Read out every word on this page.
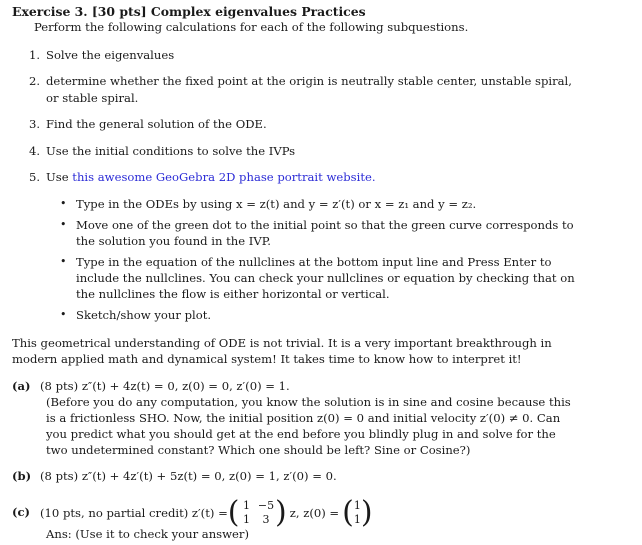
Exercise 3. [30 pts] Complex eigenvalues Practices
Perform the following calculations for each of the following subquestions.
1. Solve the eigenvalues
2. determine whether the fixed point at the origin is neutrally stable center, unstable spiral,
or stable spiral.
3. Find the general solution of the ODE.
4. Use the initial conditions to solve the IVPs
5. Use this awesome GeoGebra 2D phase portrait website.
• Type in the ODEs by using x = z(t) and y = z′(t) or x = z₁ and y = z₂.
• Move one of the green dot to the initial point so that the green curve corresponds to
the solution you found in the IVP.
• Type in the equation of the nullclines at the bottom input line and Press Enter to
include the nullclines. You can check your nullclines or equation by checking that on
the nullclines the flow is either horizontal or vertical.
• Sketch/show your plot.
This geometrical understanding of ODE is not trivial. It is a very important breakthrough in
modern applied math and dynamical system! It takes time to know how to interpret it!
(a) (8 pts) z″(t) + 4z(t) = 0, z(0) = 0, z′(0) = 1.
(Before you do any computation, you know the solution is in sine and cosine because this
is a frictionless SHO. Now, the initial position z(0) = 0 and initial velocity z′(0) ≠ 0. Can
you predict what you should get at the end before you blindly plug in and solve for the
two undetermined constant? Which one should be left? Sine or Cosine?)
(b) (8 pts) z″(t) + 4z′(t) + 5z(t) = 0, z(0) = 1, z′(0) = 0.
(c) (10 pts, no partial credit) z′(t) = ( 1 −5
1 3 ) z, z(0) = ( 1
1 )
Ans: (Use it to check your answer)
